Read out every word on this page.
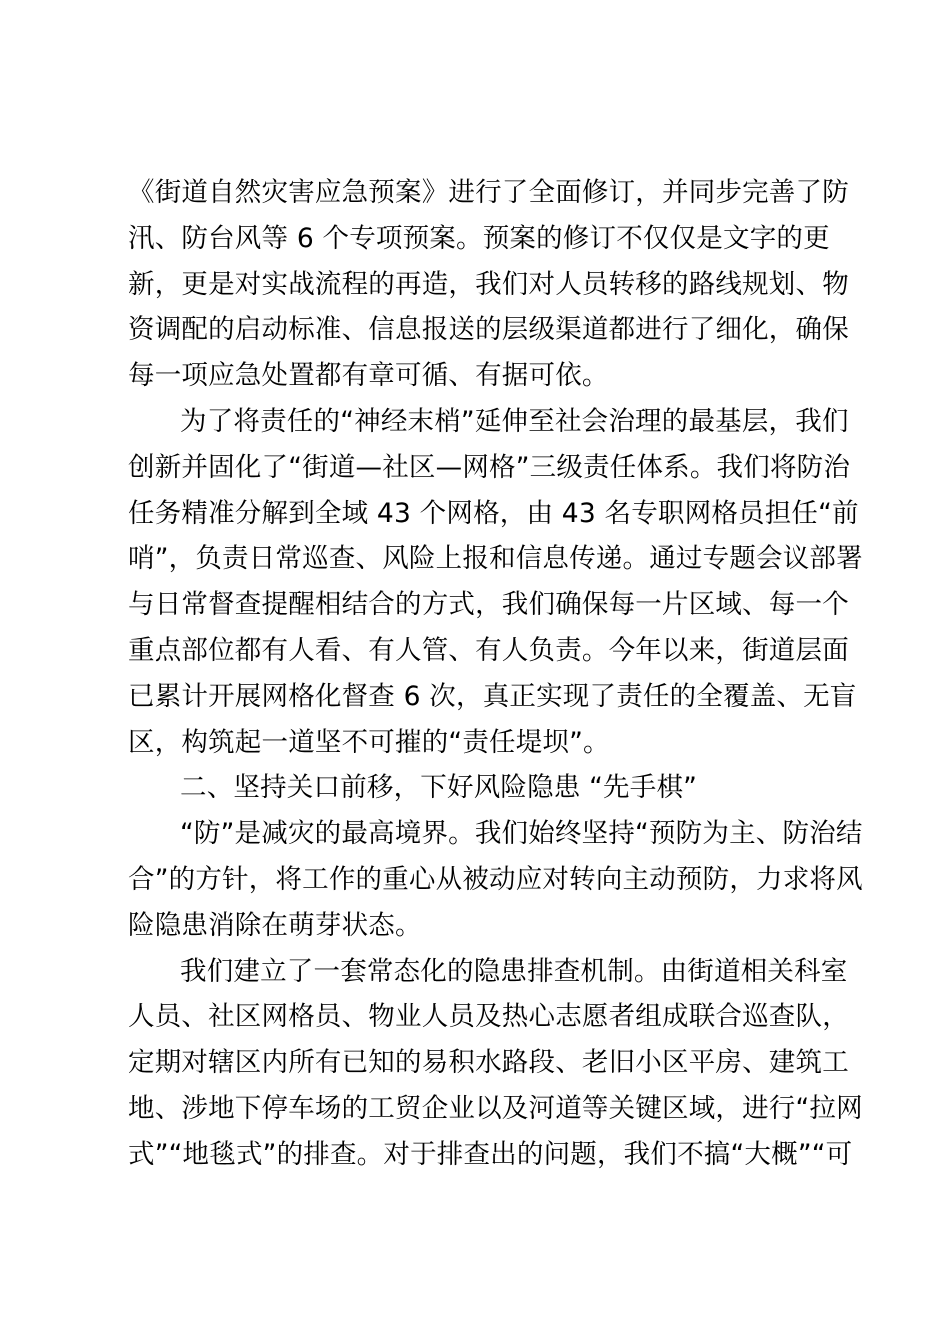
《街道自然灾害应急预案》进行了全面修订，并同步完善了防
汛、防台风等 6 个专项预案。预案的修订不仅仅是文字的更
新，更是对实战流程的再造，我们对人员转移的路线规划、物
资调配的启动标准、信息报送的层级渠道都进行了细化，确保
每一项应急处置都有章可循、有据可依。
为了将责任的“神经末梢”延伸至社会治理的最基层，我们
创新并固化了“街道—社区—网格”三级责任体系。我们将防治
任务精准分解到全域 43 个网格，由 43 名专职网格员担任“前
哨”，负责日常巡查、风险上报和信息传递。通过专题会议部署
与日常督查提醒相结合的方式，我们确保每一片区域、每一个
重点部位都有人看、有人管、有人负责。今年以来，街道层面
已累计开展网格化督查 6 次，真正实现了责任的全覆盖、无盲
区，构筑起一道坚不可摧的“责任堤坝”。
二、坚持关口前移，下好风险隐患 “先手棋”
“防”是减灾的最高境界。我们始终坚持“预防为主、防治结
合”的方针，将工作的重心从被动应对转向主动预防，力求将风
险隐患消除在萌芽状态。
我们建立了一套常态化的隐患排查机制。由街道相关科室
人员、社区网格员、物业人员及热心志愿者组成联合巡查队，
定期对辖区内所有已知的易积水路段、老旧小区平房、建筑工
地、涉地下停车场的工贸企业以及河道等关键区域，进行“拉网
式”“地毯式”的排查。对于排查出的问题，我们不搞“大概”“可
